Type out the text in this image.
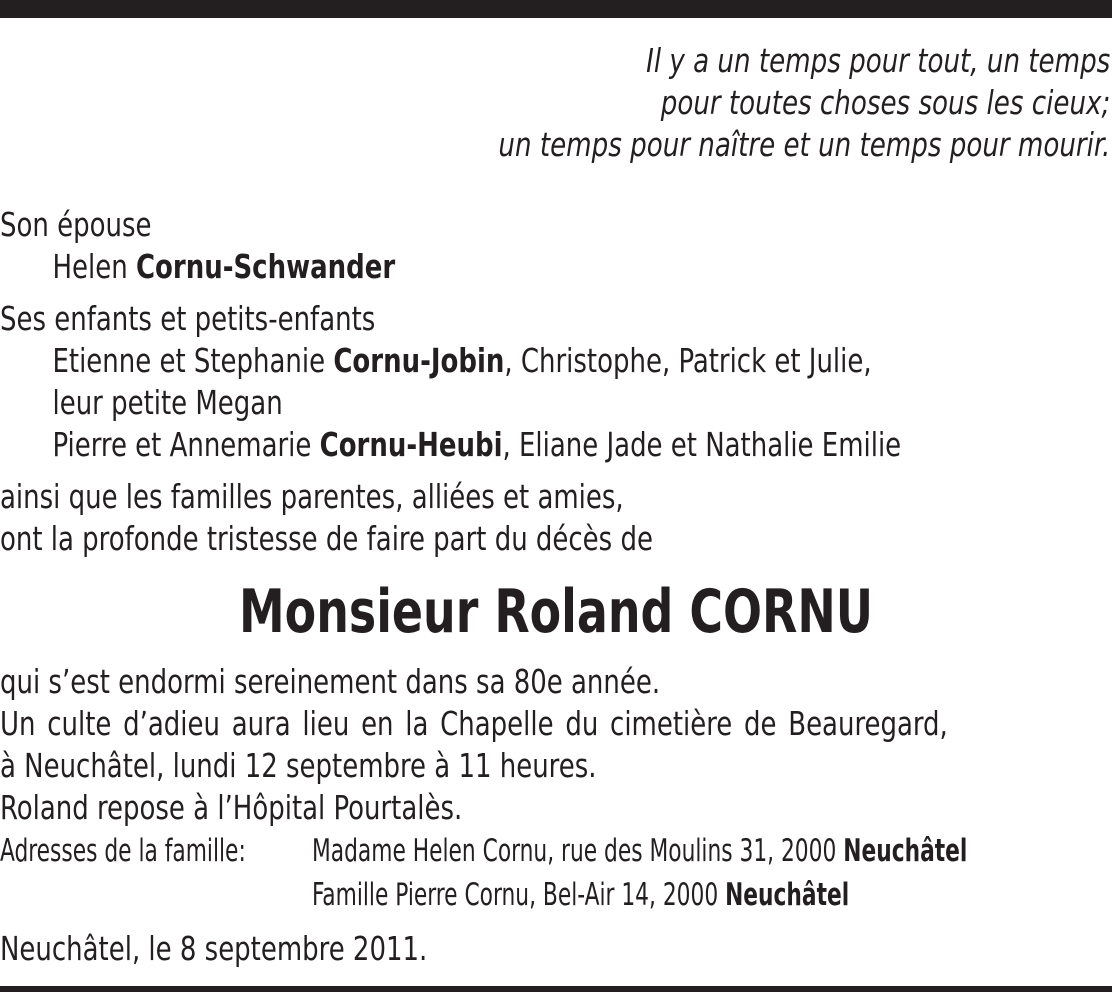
Il y a un temps pour tout, un temps
pour toutes choses sous les cieux;
un temps pour naître et un temps pour mourir.
Son épouse
Helen Cornu-Schwander
Ses enfants et petits-enfants
Etienne et Stephanie Cornu-Jobin, Christophe, Patrick et Julie,
leur petite Megan
Pierre et Annemarie Cornu-Heubi, Eliane Jade et Nathalie Emilie
ainsi que les familles parentes, alliées et amies,
ont la profonde tristesse de faire part du décès de
Monsieur Roland CORNU
qui s’est endormi sereinement dans sa 80e année.
Un culte d’adieu aura lieu en la Chapelle du cimetière de Beauregard,
à Neuchâtel, lundi 12 septembre à 11 heures.
Roland repose à l’Hôpital Pourtalès.
Adresses de la famille:	Madame Helen Cornu, rue des Moulins 31, 2000 Neuchâtel
Famille Pierre Cornu, Bel-Air 14, 2000 Neuchâtel
Neuchâtel, le 8 septembre 2011.
